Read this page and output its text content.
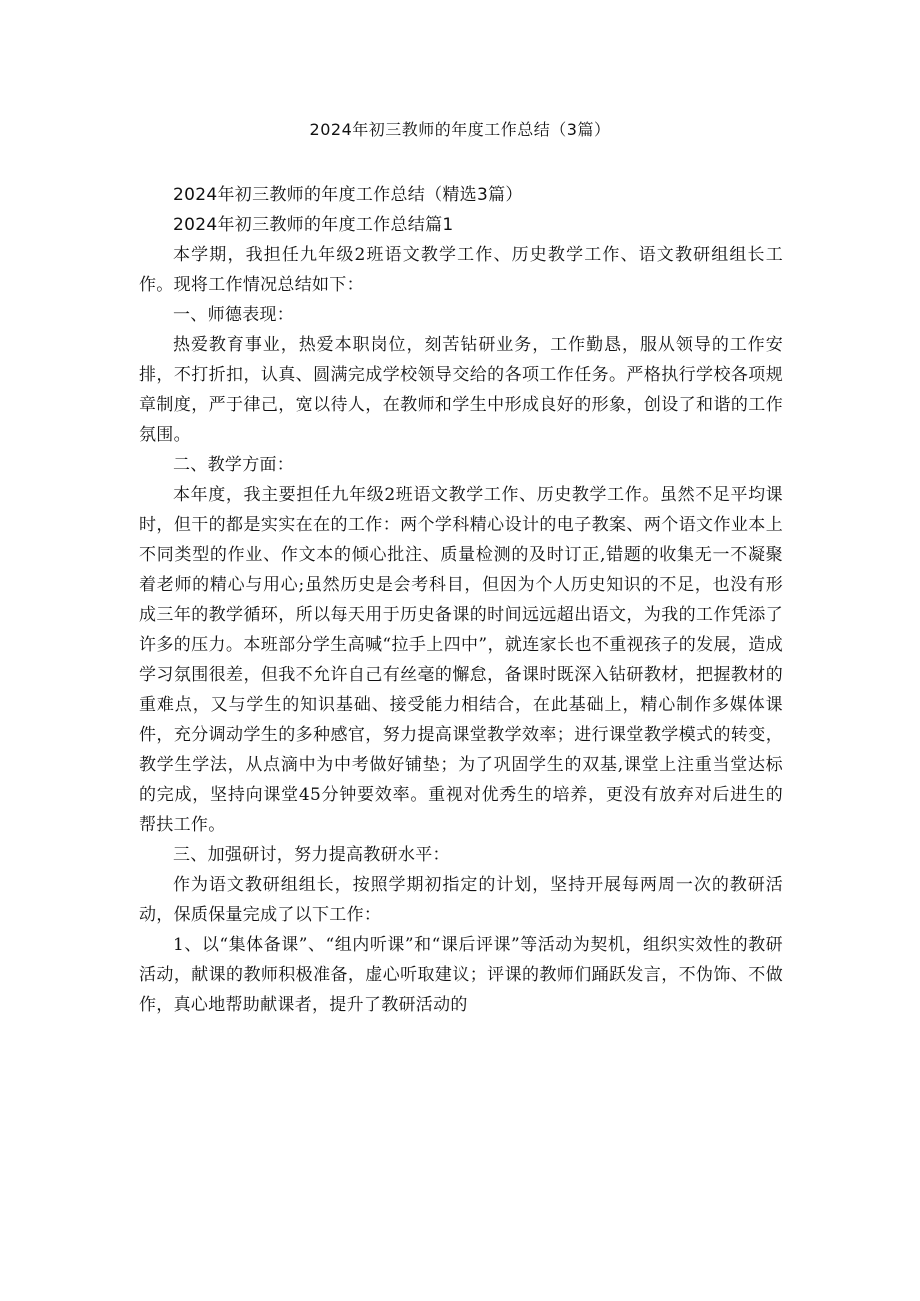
2024年初三教师的年度工作总结（3篇）

2024年初三教师的年度工作总结（精选3篇）

2024年初三教师的年度工作总结篇1

本学期，我担任九年级2班语文教学工作、历史教学工作、语文教研组组长工作。现将工作情况总结如下：

一、师德表现：

热爱教育事业，热爱本职岗位，刻苦钻研业务，工作勤恳，服从领导的工作安排，不打折扣，认真、圆满完成学校领导交给的各项工作任务。严格执行学校各项规章制度，严于律己，宽以待人，在教师和学生中形成良好的形象，创设了和谐的工作氛围。

二、教学方面：

本年度，我主要担任九年级2班语文教学工作、历史教学工作。虽然不足平均课时，但干的都是实实在在的工作：两个学科精心设计的电子教案、两个语文作业本上不同类型的作业、作文本的倾心批注、质量检测的及时订正,错题的收集无一不凝聚着老师的精心与用心;虽然历史是会考科目，但因为个人历史知识的不足，也没有形成三年的教学循环，所以每天用于历史备课的时间远远超出语文，为我的工作凭添了许多的压力。本班部分学生高喊“拉手上四中”，就连家长也不重视孩子的发展，造成学习氛围很差，但我不允许自己有丝毫的懈怠，备课时既深入钻研教材，把握教材的重难点，又与学生的知识基础、接受能力相结合，在此基础上，精心制作多媒体课件，充分调动学生的多种感官，努力提高课堂教学效率；进行课堂教学模式的转变，教学生学法，从点滴中为中考做好铺垫；为了巩固学生的双基,课堂上注重当堂达标的完成，坚持向课堂45分钟要效率。重视对优秀生的培养，更没有放弃对后进生的帮扶工作。

三、加强研讨，努力提高教研水平：

作为语文教研组组长，按照学期初指定的计划，坚持开展每两周一次的教研活动，保质保量完成了以下工作：

1、以“集体备课”、“组内听课”和“课后评课”等活动为契机，组织实效性的教研活动，献课的教师积极准备，虚心听取建议；评课的教师们踊跃发言，不伪饰、不做作，真心地帮助献课者，提升了教研活动的
